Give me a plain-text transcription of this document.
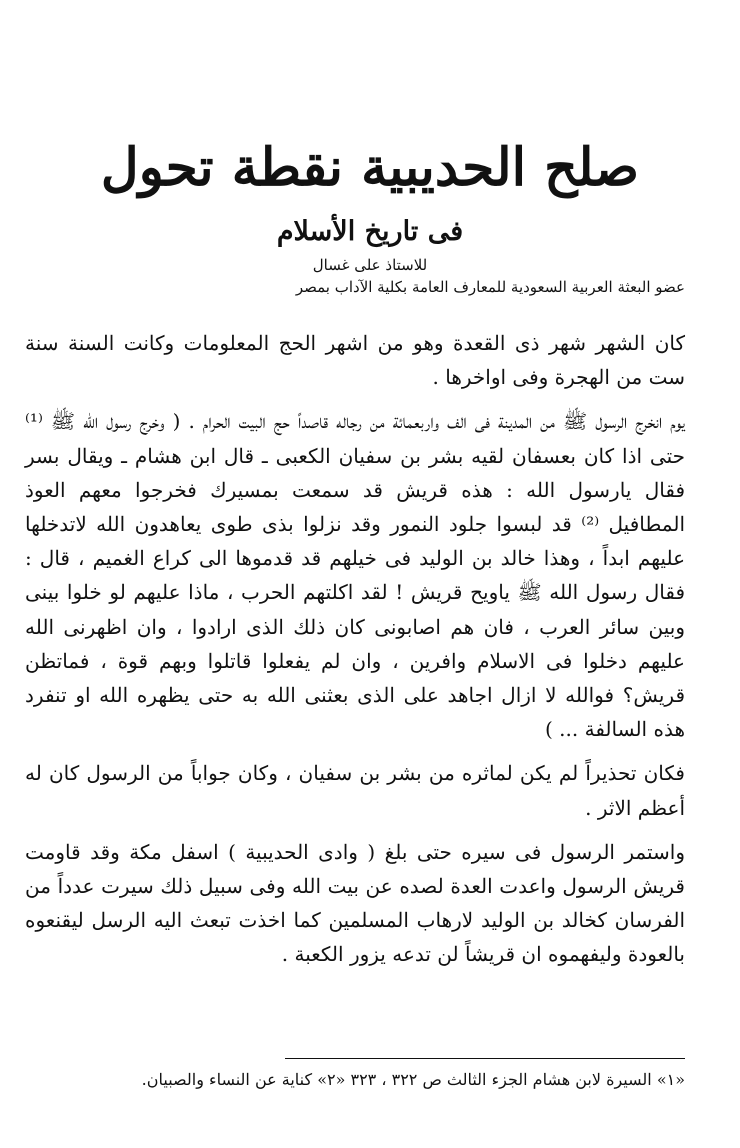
صلح الحديبية نقطة تحول
فى تاريخ الأسلام
للاستاذ على غسال
عضو البعثة العربية السعودية للمعارف العامة بكلية الآداب بمصر

كان الشهر شهر ذى القعدة وهو من اشهر الحج المعلومات وكانت السنة سنة ست من الهجرة وفى اواخرها .

يوم انخرج الرسول ﷺ من المدينة فى الف واربعمائة من رجاله قاصداً حج البيت الحرام . ( وخرج رسول الله ﷺ ⁽¹⁾ حتى اذا كان بعسفان لقيه بشر بن سفيان الكعبى ـ قال ابن هشام ـ ويقال بسر فقال يارسول الله : هذه قريش قد سمعت بمسيرك فخرجوا معهم العوذ المطافيل ⁽²⁾ قد لبسوا جلود النمور وقد نزلوا بذى طوى يعاهدون الله لاتدخلها عليهم ابداً ، وهذا خالد بن الوليد فى خيلهم قد قدموها الى كراع الغميم ، قال : فقال رسول الله ﷺ ياويح قريش ! لقد اكلتهم الحرب ، ماذا عليهم لو خلوا بينى وبين سائر العرب ، فان هم اصابونى كان ذلك الذى ارادوا ، وان اظهرنى الله عليهم دخلوا فى الاسلام وافرين ، وان لم يفعلوا قاتلوا وبهم قوة ، فماتظن قريش؟ فوالله لا ازال اجاهد على الذى بعثنى الله به حتى يظهره الله او تنفرد هذه السالفة ... )

فكان تحذيراً لم يكن لماثره من بشر بن سفيان ، وكان جواباً من الرسول كان له أعظم الاثر .

واستمر الرسول فى سيره حتى بلغ ( وادى الحديبية ) اسفل مكة وقد قاومت قريش الرسول واعدت العدة لصده عن بيت الله وفى سبيل ذلك سيرت عدداً من الفرسان كخالد بن الوليد لارهاب المسلمين كما اخذت تبعث اليه الرسل ليقنعوه بالعودة وليفهموه ان قريشاً لن تدعه يزور الكعبة .

«١» السيرة لابن هشام الجزء الثالث ص ٣٢٢ ، ٣٢٣ «٢» كناية عن النساء والصبيان.
